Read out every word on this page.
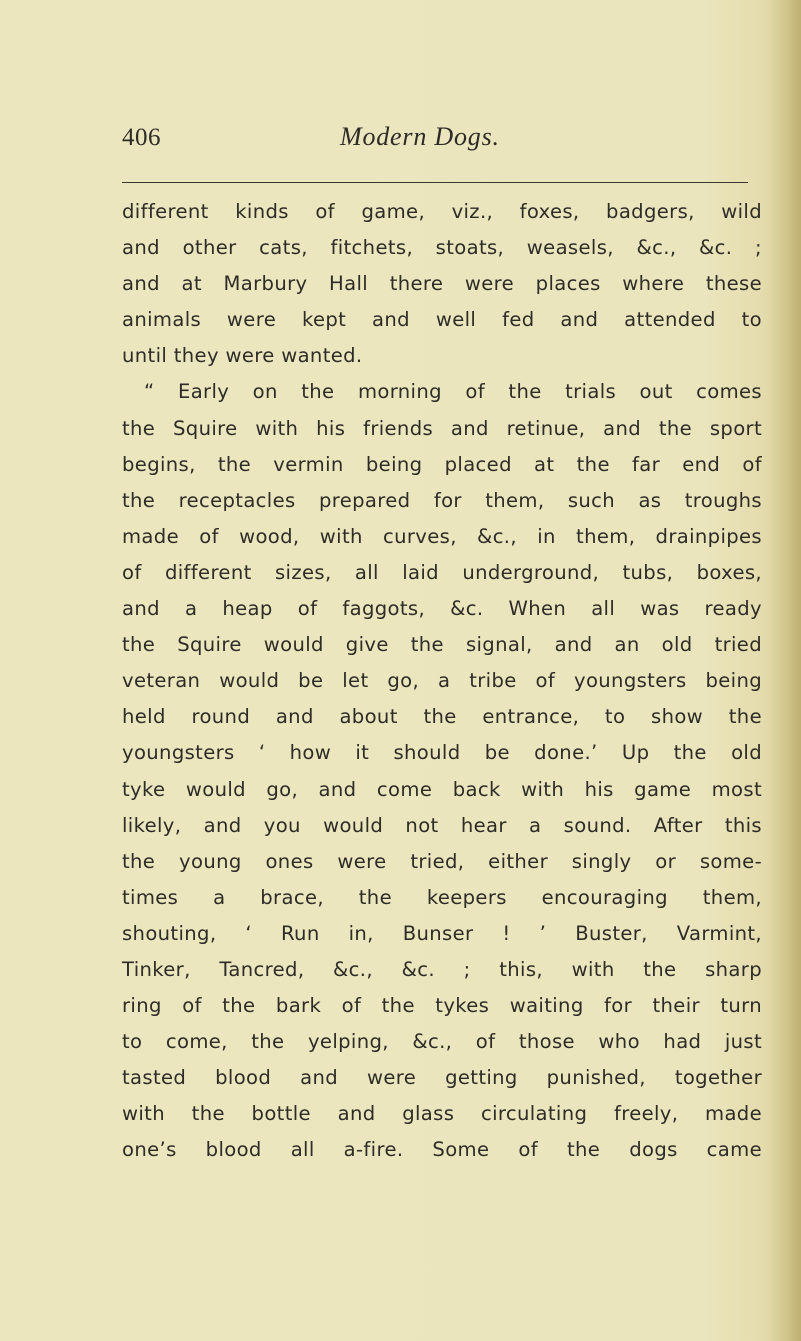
406	Modern Dogs.
different kinds of game, viz., foxes, badgers, wild
and other cats, fitchets, stoats, weasels, &c., &c. ;
and at Marbury Hall there were places where these
animals were kept and well fed and attended to
until they were wanted.
“ Early on the morning of the trials out comes
the Squire with his friends and retinue, and the sport
begins, the vermin being placed at the far end of
the receptacles prepared for them, such as troughs
made of wood, with curves, &c., in them, drainpipes
of different sizes, all laid underground, tubs, boxes,
and a heap of faggots, &c. When all was ready
the Squire would give the signal, and an old tried
veteran would be let go, a tribe of youngsters being
held round and about the entrance, to show the
youngsters ‘ how it should be done.’ Up the old
tyke would go, and come back with his game most
likely, and you would not hear a sound. After this
the young ones were tried, either singly or some-
times a brace, the keepers encouraging them,
shouting, ‘ Run in, Bunser ! ’ Buster, Varmint,
Tinker, Tancred, &c., &c. ; this, with the sharp
ring of the bark of the tykes waiting for their turn
to come, the yelping, &c., of those who had just
tasted blood and were getting punished, together
with the bottle and glass circulating freely, made
one’s blood all a-fire. Some of the dogs came
